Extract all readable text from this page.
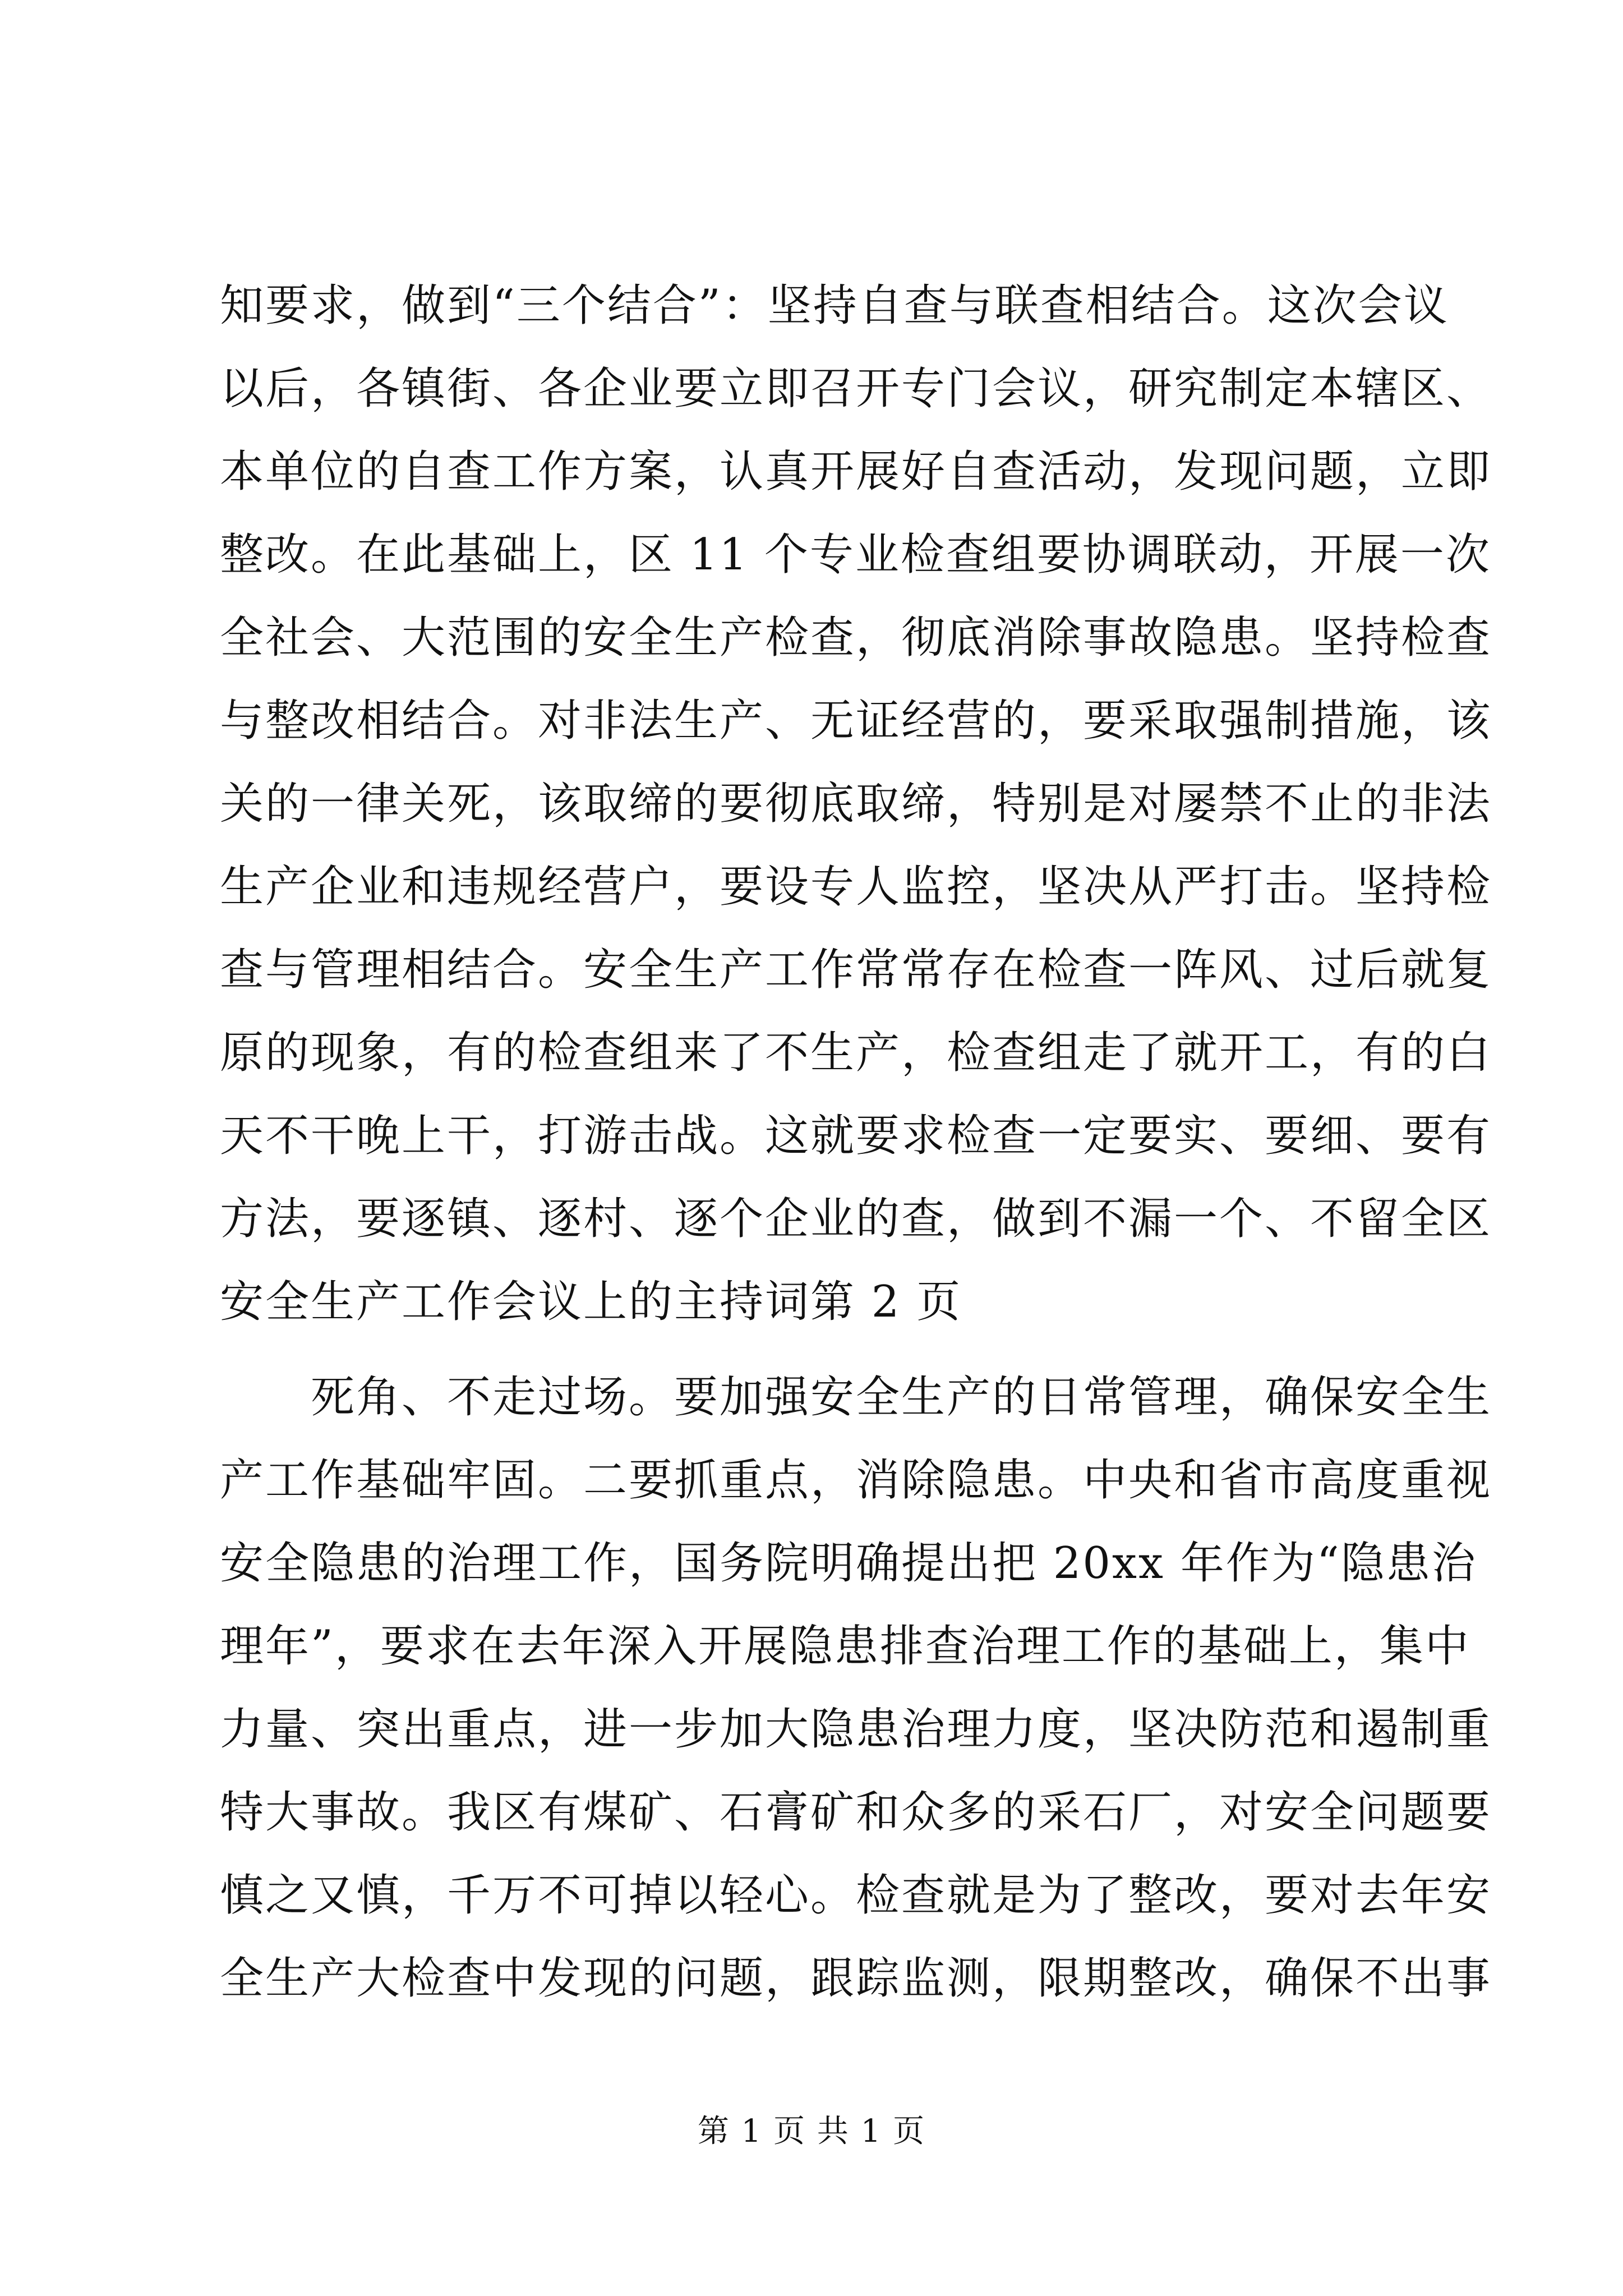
知要求，做到“三个结合”：坚持自查与联查相结合。这次会议
以后，各镇街、各企业要立即召开专门会议，研究制定本辖区、
本单位的自查工作方案，认真开展好自查活动，发现问题，立即
整改。在此基础上，区 11 个专业检查组要协调联动，开展一次
全社会、大范围的安全生产检查，彻底消除事故隐患。坚持检查
与整改相结合。对非法生产、无证经营的，要采取强制措施，该
关的一律关死，该取缔的要彻底取缔，特别是对屡禁不止的非法
生产企业和违规经营户，要设专人监控，坚决从严打击。坚持检
查与管理相结合。安全生产工作常常存在检查一阵风、过后就复
原的现象，有的检查组来了不生产，检查组走了就开工，有的白
天不干晚上干，打游击战。这就要求检查一定要实、要细、要有
方法，要逐镇、逐村、逐个企业的查，做到不漏一个、不留全区
安全生产工作会议上的主持词第 2 页
死角、不走过场。要加强安全生产的日常管理，确保安全生
产工作基础牢固。二要抓重点，消除隐患。中央和省市高度重视
安全隐患的治理工作，国务院明确提出把 20xx 年作为“隐患治
理年”，要求在去年深入开展隐患排查治理工作的基础上，集中
力量、突出重点，进一步加大隐患治理力度，坚决防范和遏制重
特大事故。我区有煤矿、石膏矿和众多的采石厂，对安全问题要
慎之又慎，千万不可掉以轻心。检查就是为了整改，要对去年安
全生产大检查中发现的问题，跟踪监测，限期整改，确保不出事
第 1 页 共 1 页
